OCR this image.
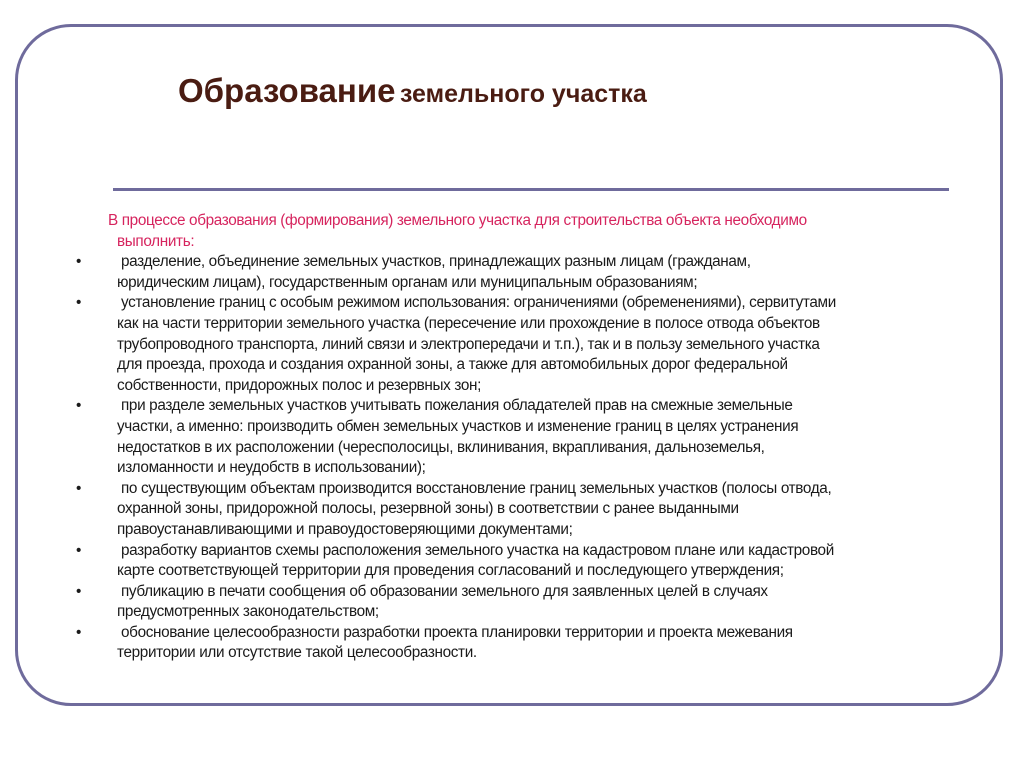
Образование земельного участка
В процессе образования (формирования) земельного участка для строительства объекта необходимо
выполнить:
•	разделение, объединение земельных участков, принадлежащих разным лицам (гражданам,
юридическим лицам), государственным органам или муниципальным образованиям;
•	установление границ с особым режимом использования: ограничениями (обременениями), сервитутами
как на части территории земельного участка (пересечение или прохождение в полосе отвода объектов
трубопроводного транспорта, линий связи и электропередачи и т.п.), так и в пользу земельного участка
для проезда, прохода и создания охранной зоны, а также для автомобильных дорог федеральной
собственности, придорожных полос и резервных зон;
•	при разделе земельных участков учитывать пожелания обладателей прав на смежные земельные
участки, а именно: производить обмен земельных участков и изменение границ в целях устранения
недостатков в их расположении (чересполосицы, вклинивания, вкрапливания, дальноземелья,
изломанности и неудобств в использовании);
•	по существующим объектам производится восстановление границ земельных участков (полосы отвода,
охранной зоны, придорожной полосы, резервной зоны) в соответствии с ранее выданными
правоустанавливающими и правоудостоверяющими документами;
•	разработку вариантов схемы расположения земельного участка на кадастровом плане или кадастровой
карте соответствующей территории для проведения согласований и последующего утверждения;
•	публикацию в печати сообщения об образовании земельного для заявленных целей в случаях
предусмотренных законодательством;
•	обоснование целесообразности разработки проекта планировки территории и проекта межевания
территории или отсутствие такой целесообразности.
